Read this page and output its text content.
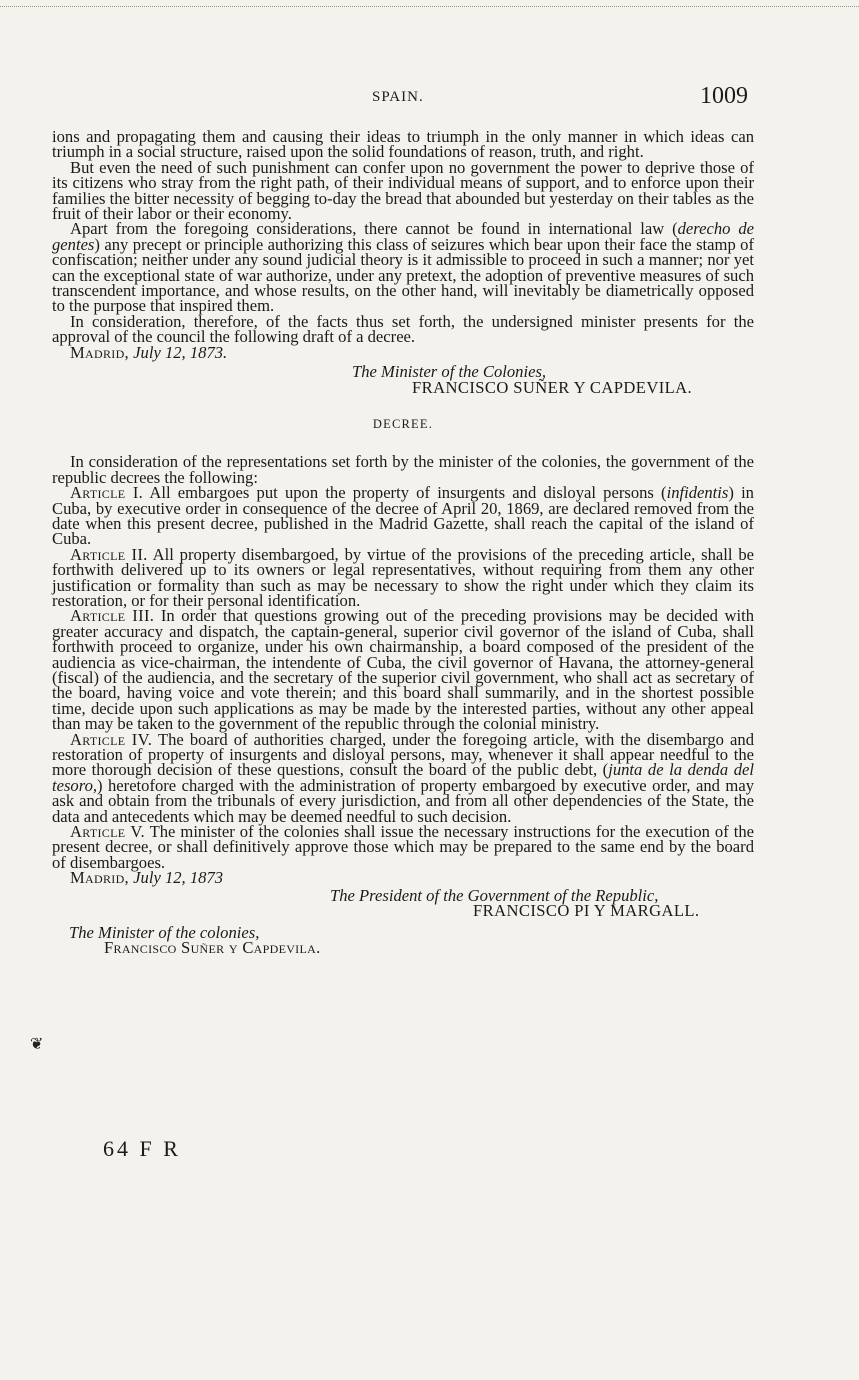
SPAIN.	1009
❦

ions and propagating them and causing their ideas to triumph in the only manner in which ideas can triumph in a social structure, raised upon the solid foundations of reason, truth, and right.

But even the need of such punishment can confer upon no government the power to deprive those of its citizens who stray from the right path, of their individual means of support, and to enforce upon their families the bitter necessity of begging to-day the bread that abounded but yesterday on their tables as the fruit of their labor or their economy.

Apart from the foregoing considerations, there cannot be found in international law (derecho de gentes) any precept or principle authorizing this class of seizures which bear upon their face the stamp of confiscation; neither under any sound judicial theory is it admissible to proceed in such a manner; nor yet can the exceptional state of war authorize, under any pretext, the adoption of preventive measures of such transcendent importance, and whose results, on the other hand, will inevitably be diametrically opposed to the purpose that inspired them.

In consideration, therefore, of the facts thus set forth, the undersigned minister presents for the approval of the council the following draft of a decree.

Madrid, July 12, 1873.

The Minister of the Colonies,

FRANCISCO SUÑER Y CAPDEVILA.

DECREE.

In consideration of the representations set forth by the minister of the colonies, the government of the republic decrees the following:

Article I. All embargoes put upon the property of insurgents and disloyal persons (infidentis) in Cuba, by executive order in consequence of the decree of April 20, 1869, are declared removed from the date when this present decree, published in the Madrid Gazette, shall reach the capital of the island of Cuba.

Article II. All property disembargoed, by virtue of the provisions of the preceding article, shall be forthwith delivered up to its owners or legal representatives, without requiring from them any other justification or formality than such as may be necessary to show the right under which they claim its restoration, or for their personal identification.

Article III. In order that questions growing out of the preceding provisions may be decided with greater accuracy and dispatch, the captain-general, superior civil governor of the island of Cuba, shall forthwith proceed to organize, under his own chairmanship, a board composed of the president of the audiencia as vice-chairman, the intendente of Cuba, the civil governor of Havana, the attorney-general (fiscal) of the audiencia, and the secretary of the superior civil government, who shall act as secretary of the board, having voice and vote therein; and this board shall summarily, and in the shortest possible time, decide upon such applications as may be made by the interested parties, without any other appeal than may be taken to the government of the republic through the colonial ministry.

Article IV. The board of authorities charged, under the foregoing article, with the disembargo and restoration of property of insurgents and disloyal persons, may, whenever it shall appear needful to the more thorough decision of these questions, consult the board of the public debt, (junta de la denda del tesoro,) heretofore charged with the administration of property embargoed by executive order, and may ask and obtain from the tribunals of every jurisdiction, and from all other dependencies of the State, the data and antecedents which may be deemed needful to such decision.

Article V. The minister of the colonies shall issue the necessary instructions for the execution of the present decree, or shall definitively approve those which may be prepared to the same end by the board of disembargoes.

Madrid, July 12, 1873

The President of the Government of the Republic,

FRANCISCO PI Y MARGALL.

The Minister of the colonies,

Francisco Suñer y Capdevila.

64 F R
